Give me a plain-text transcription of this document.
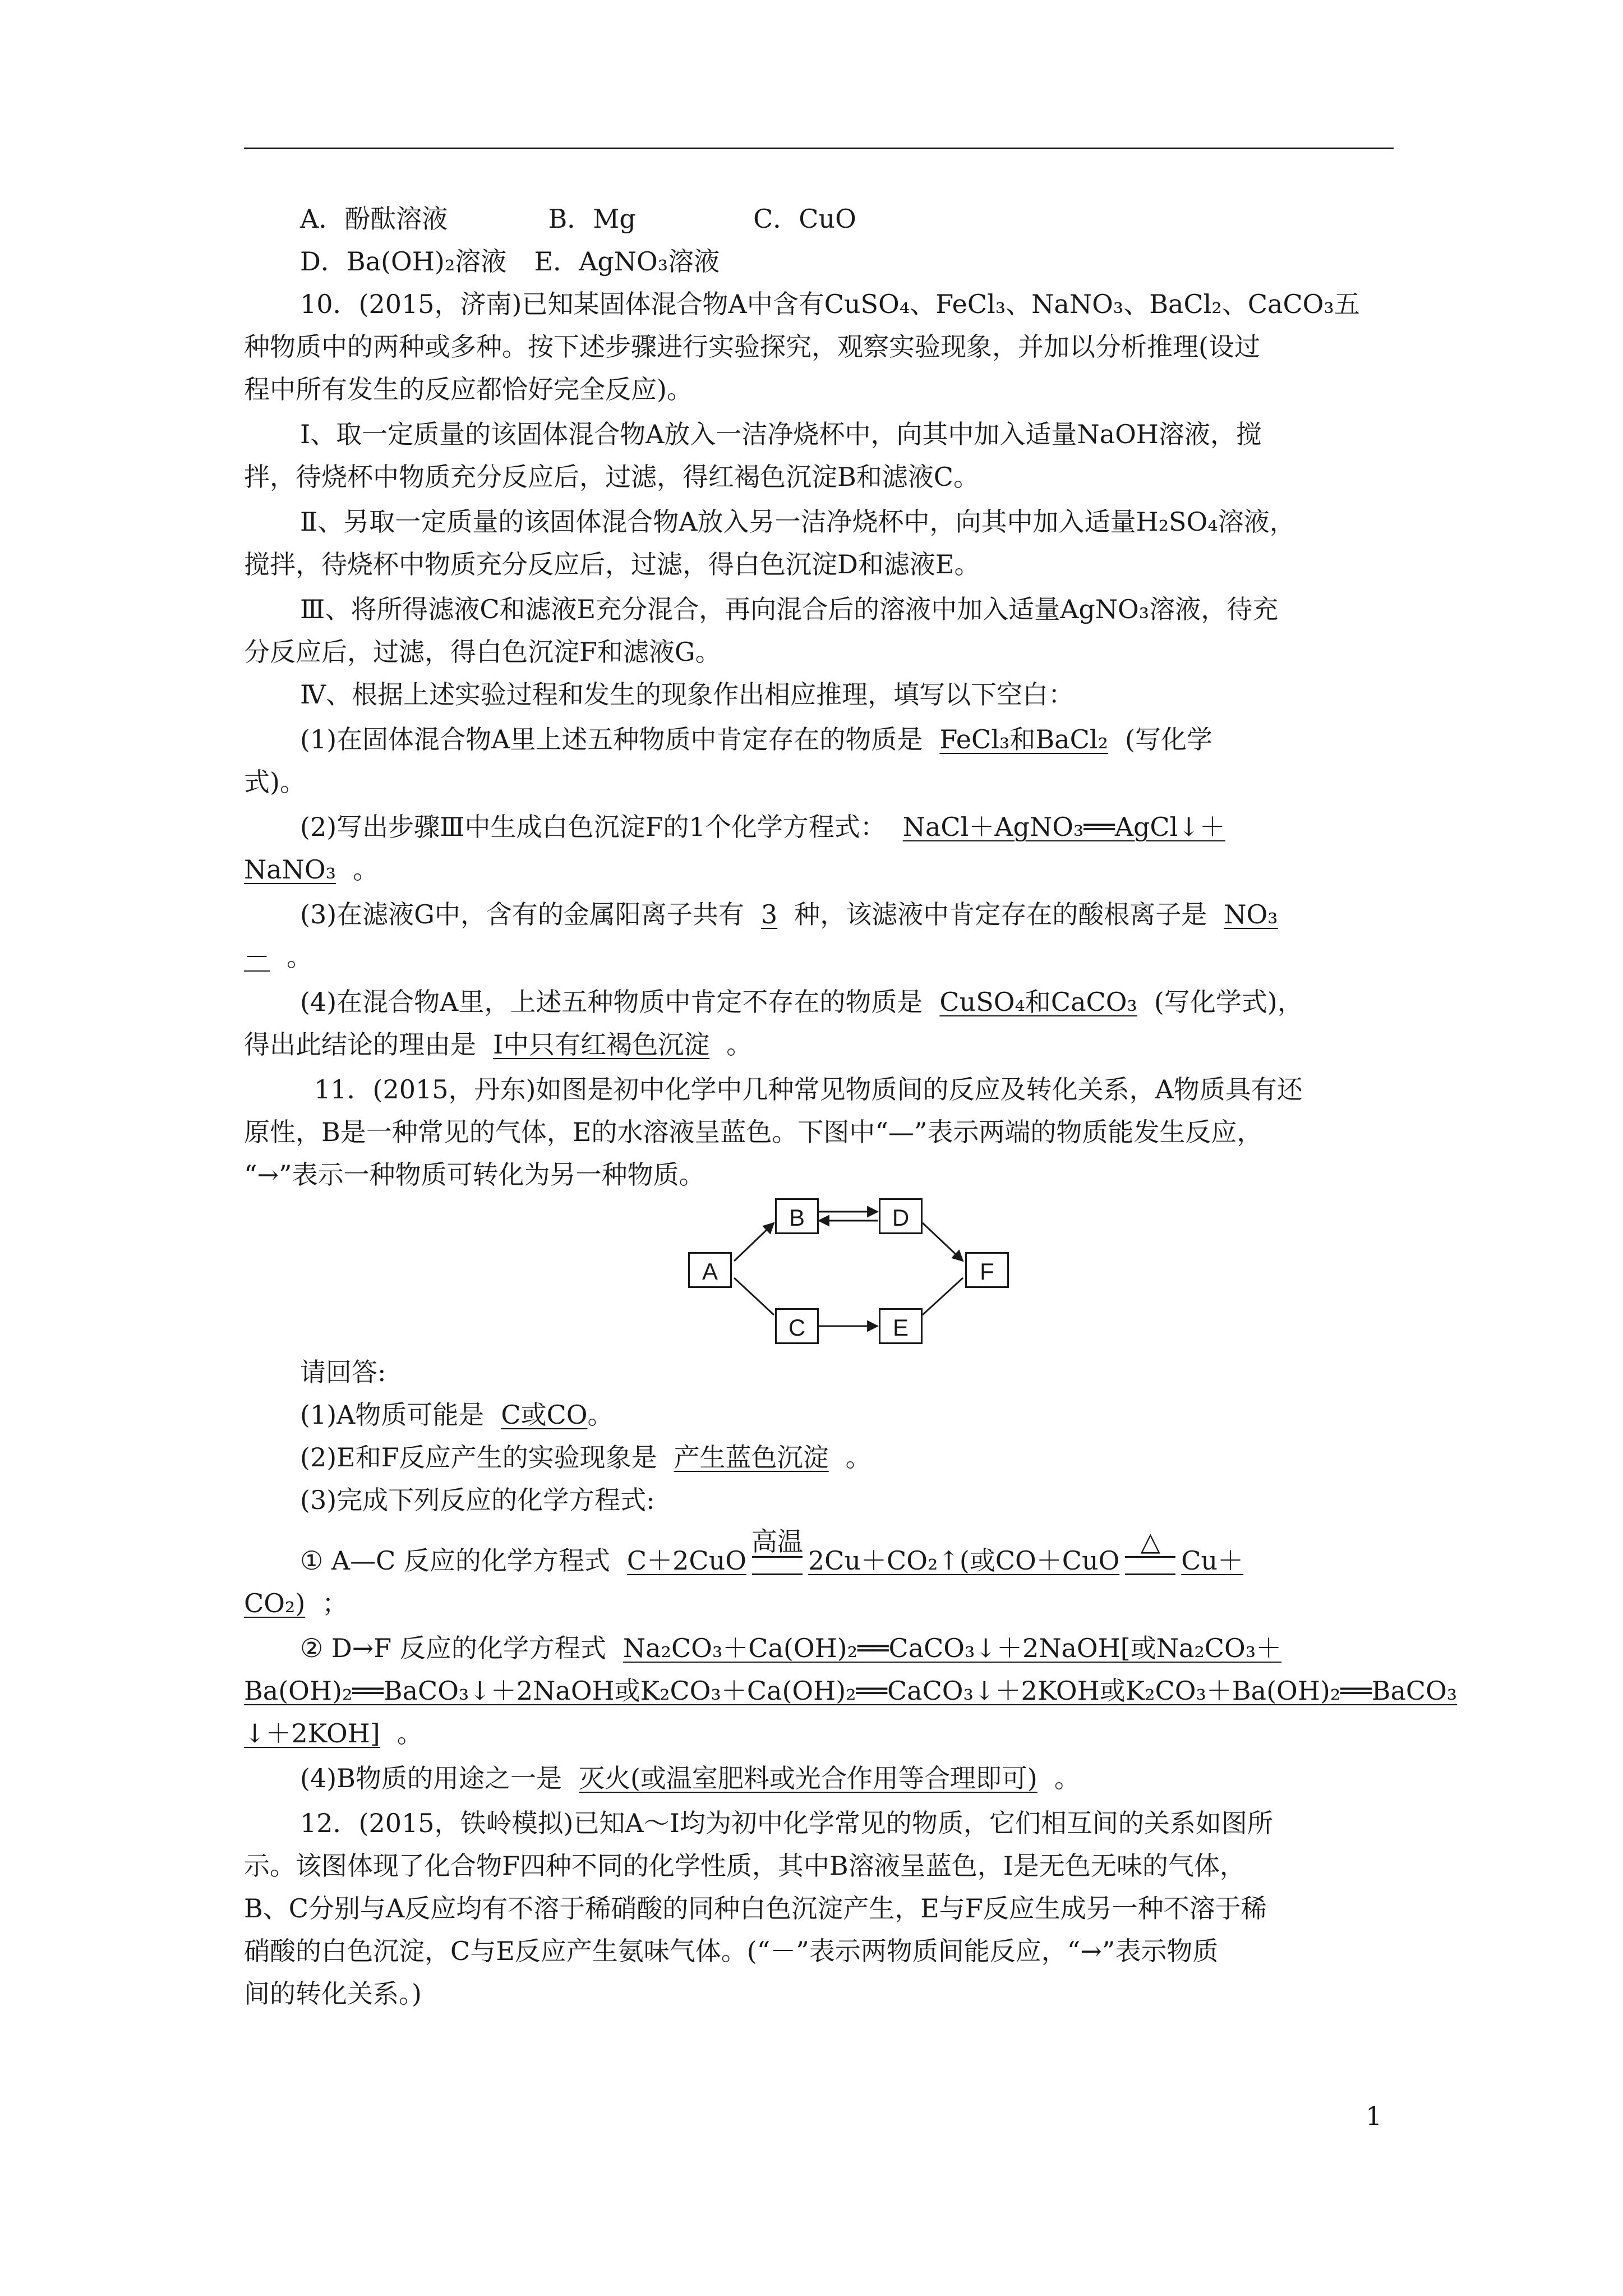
A．酚酞溶液	B．Mg	C．CuO
D．Ba(OH)₂溶液 E．AgNO₃溶液
10．(2015，济南)已知某固体混合物A中含有CuSO₄、FeCl₃、NaNO₃、BaCl₂、CaCO₃五
种物质中的两种或多种。按下述步骤进行实验探究，观察实验现象，并加以分析推理(设过
程中所有发生的反应都恰好完全反应)。
Ⅰ、取一定质量的该固体混合物A放入一洁净烧杯中，向其中加入适量NaOH溶液，搅
拌，待烧杯中物质充分反应后，过滤，得红褐色沉淀B和滤液C。
Ⅱ、另取一定质量的该固体混合物A放入另一洁净烧杯中，向其中加入适量H₂SO₄溶液，
搅拌，待烧杯中物质充分反应后，过滤，得白色沉淀D和滤液E。
Ⅲ、将所得滤液C和滤液E充分混合，再向混合后的溶液中加入适量AgNO₃溶液，待充
分反应后，过滤，得白色沉淀F和滤液G。
Ⅳ、根据上述实验过程和发生的现象作出相应推理，填写以下空白：
(1)在固体混合物A里上述五种物质中肯定存在的物质是 FeCl₃和BaCl₂ (写化学
式)。
(2)写出步骤Ⅲ中生成白色沉淀F的1个化学方程式： NaCl＋AgNO₃══AgCl↓＋
NaNO₃ 。
(3)在滤液G中，含有的金属阳离子共有 3 种，该滤液中肯定存在的酸根离子是 NO₃
－ 。
(4)在混合物A里，上述五种物质中肯定不存在的物质是 CuSO₄和CaCO₃ (写化学式)，
得出此结论的理由是 Ⅰ中只有红褐色沉淀 。
11．(2015，丹东)如图是初中化学中几种常见物质间的反应及转化关系，A物质具有还
原性，B是一种常见的气体，E的水溶液呈蓝色。下图中“—”表示两端的物质能发生反应，
“→”表示一种物质可转化为另一种物质。
A
B
C
D
E
F
请回答:
(1)A物质可能是 C或CO。
(2)E和F反应产生的实验现象是 产生蓝色沉淀 。
(3)完成下列反应的化学方程式:
① A—C 反应的化学方程式 C＋2CuO
高温
2Cu＋CO₂↑(或CO＋CuO
△
Cu＋
CO₂) ；
② D→F 反应的化学方程式 Na₂CO₃＋Ca(OH)₂══CaCO₃↓＋2NaOH[或Na₂CO₃＋
Ba(OH)₂══BaCO₃↓＋2NaOH或K₂CO₃＋Ca(OH)₂══CaCO₃↓＋2KOH或K₂CO₃＋Ba(OH)₂══BaCO₃
↓＋2KOH] 。
(4)B物质的用途之一是 灭火(或温室肥料或光合作用等合理即可) 。
12．(2015，铁岭模拟)已知A～I均为初中化学常见的物质，它们相互间的关系如图所
示。该图体现了化合物F四种不同的化学性质，其中B溶液呈蓝色，I是无色无味的气体，
B、C分别与A反应均有不溶于稀硝酸的同种白色沉淀产生，E与F反应生成另一种不溶于稀
硝酸的白色沉淀，C与E反应产生氨味气体。(“－”表示两物质间能反应，“→”表示物质
间的转化关系。)
1
